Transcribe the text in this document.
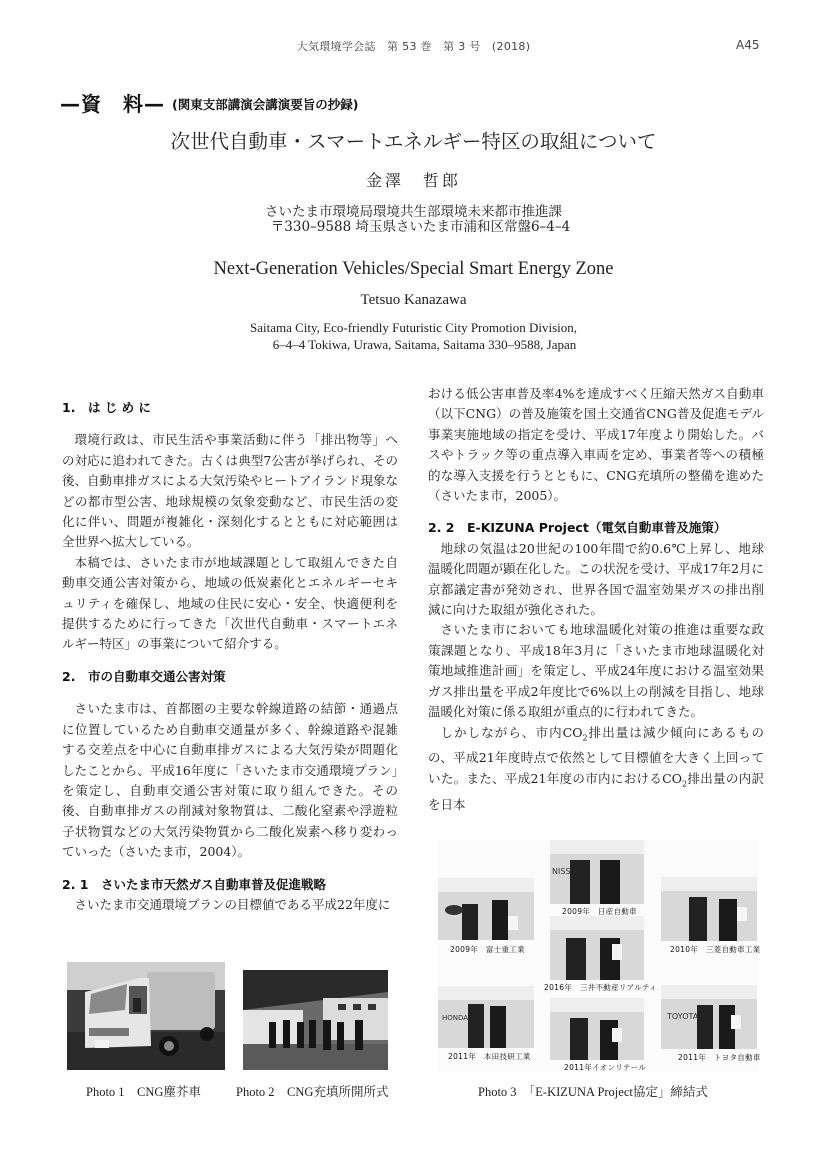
大気環境学会誌　第 53 巻　第 3 号　(2018)	A45
—資　料— (関東支部講演会講演要旨の抄録)
次世代自動車・スマートエネルギー特区の取組について
金澤　哲郎
さいたま市環境局環境共生部環境未来都市推進課
〒330–9588 埼玉県さいたま市浦和区常盤6–4–4
Next-Generation Vehicles/Special Smart Energy Zone
Tetsuo Kanazawa
Saitama City, Eco-friendly Futuristic City Promotion Division,
6–4–4 Tokiwa, Urawa, Saitama, Saitama 330–9588, Japan
1.　は じ め に

環境行政は、市民生活や事業活動に伴う「排出物等」への対応に追われてきた。古くは典型7公害が挙げられ、その後、自動車排ガスによる大気汚染やヒートアイランド現象などの都市型公害、地球規模の気象変動など、市民生活の変化に伴い、問題が複雑化・深刻化するとともに対応範囲は全世界へ拡大している。

本稿では、さいたま市が地域課題として取組んできた自動車交通公害対策から、地域の低炭素化とエネルギーセキュリティを確保し、地域の住民に安心・安全、快適便利を提供するために行ってきた「次世代自動車・スマートエネルギー特区」の事業について紹介する。

2.　市の自動車交通公害対策

さいたま市は、首都圏の主要な幹線道路の結節・通過点に位置しているため自動車交通量が多く、幹線道路や混雑する交差点を中心に自動車排ガスによる大気汚染が問題化したことから、平成16年度に「さいたま市交通環境プラン」を策定し、自動車交通公害対策に取り組んできた。その後、自動車排ガスの削減対象物質は、二酸化窒素や浮遊粒子状物質などの大気汚染物質から二酸化炭素へ移り変わっていった（さいたま市，2004）。

2. 1　さいたま市天然ガス自動車普及促進戦略

さいたま市交通環境プランの目標値である平成22年度に

おける低公害車普及率4%を達成すべく圧縮天然ガス自動車（以下CNG）の普及施策を国土交通省CNG普及促進モデル事業実施地域の指定を受け、平成17年度より開始した。バスやトラック等の重点導入車両を定め、事業者等への積極的な導入支援を行うとともに、CNG充填所の整備を進めた（さいたま市，2005）。

2. 2　E-KIZUNA Project（電気自動車普及施策）

地球の気温は20世紀の100年間で約0.6℃上昇し、地球温暖化問題が顕在化した。この状況を受け、平成17年2月に京都議定書が発効され、世界各国で温室効果ガスの排出削減に向けた取組が強化された。

さいたま市においても地球温暖化対策の推進は重要な政策課題となり、平成18年3月に「さいたま市地球温暖化対策地域推進計画」を策定し、平成24年度における温室効果ガス排出量を平成2年度比で6%以上の削減を目指し、地球温暖化対策に係る取組が重点的に行われてきた。

しかしながら、市内$CO_2$排出量は減少傾向にあるものの、平成21年度時点で依然として目標値を大きく上回っていた。また、平成21年度の市内における$CO_2$排出量の内訳を日本

2009年　富士重工業
NISS
2009年　日産自動車
2010年　三菱自動車工業
2016年　三井不動産リアルティ
HONDA
2011年　本田技研工業
2011年イオンリテール
TOYOTA
2011年　トヨタ自動車
Photo 1　CNG塵芥車	Photo 2　CNG充填所開所式	Photo 3　「E-KIZUNA Project協定」締結式
